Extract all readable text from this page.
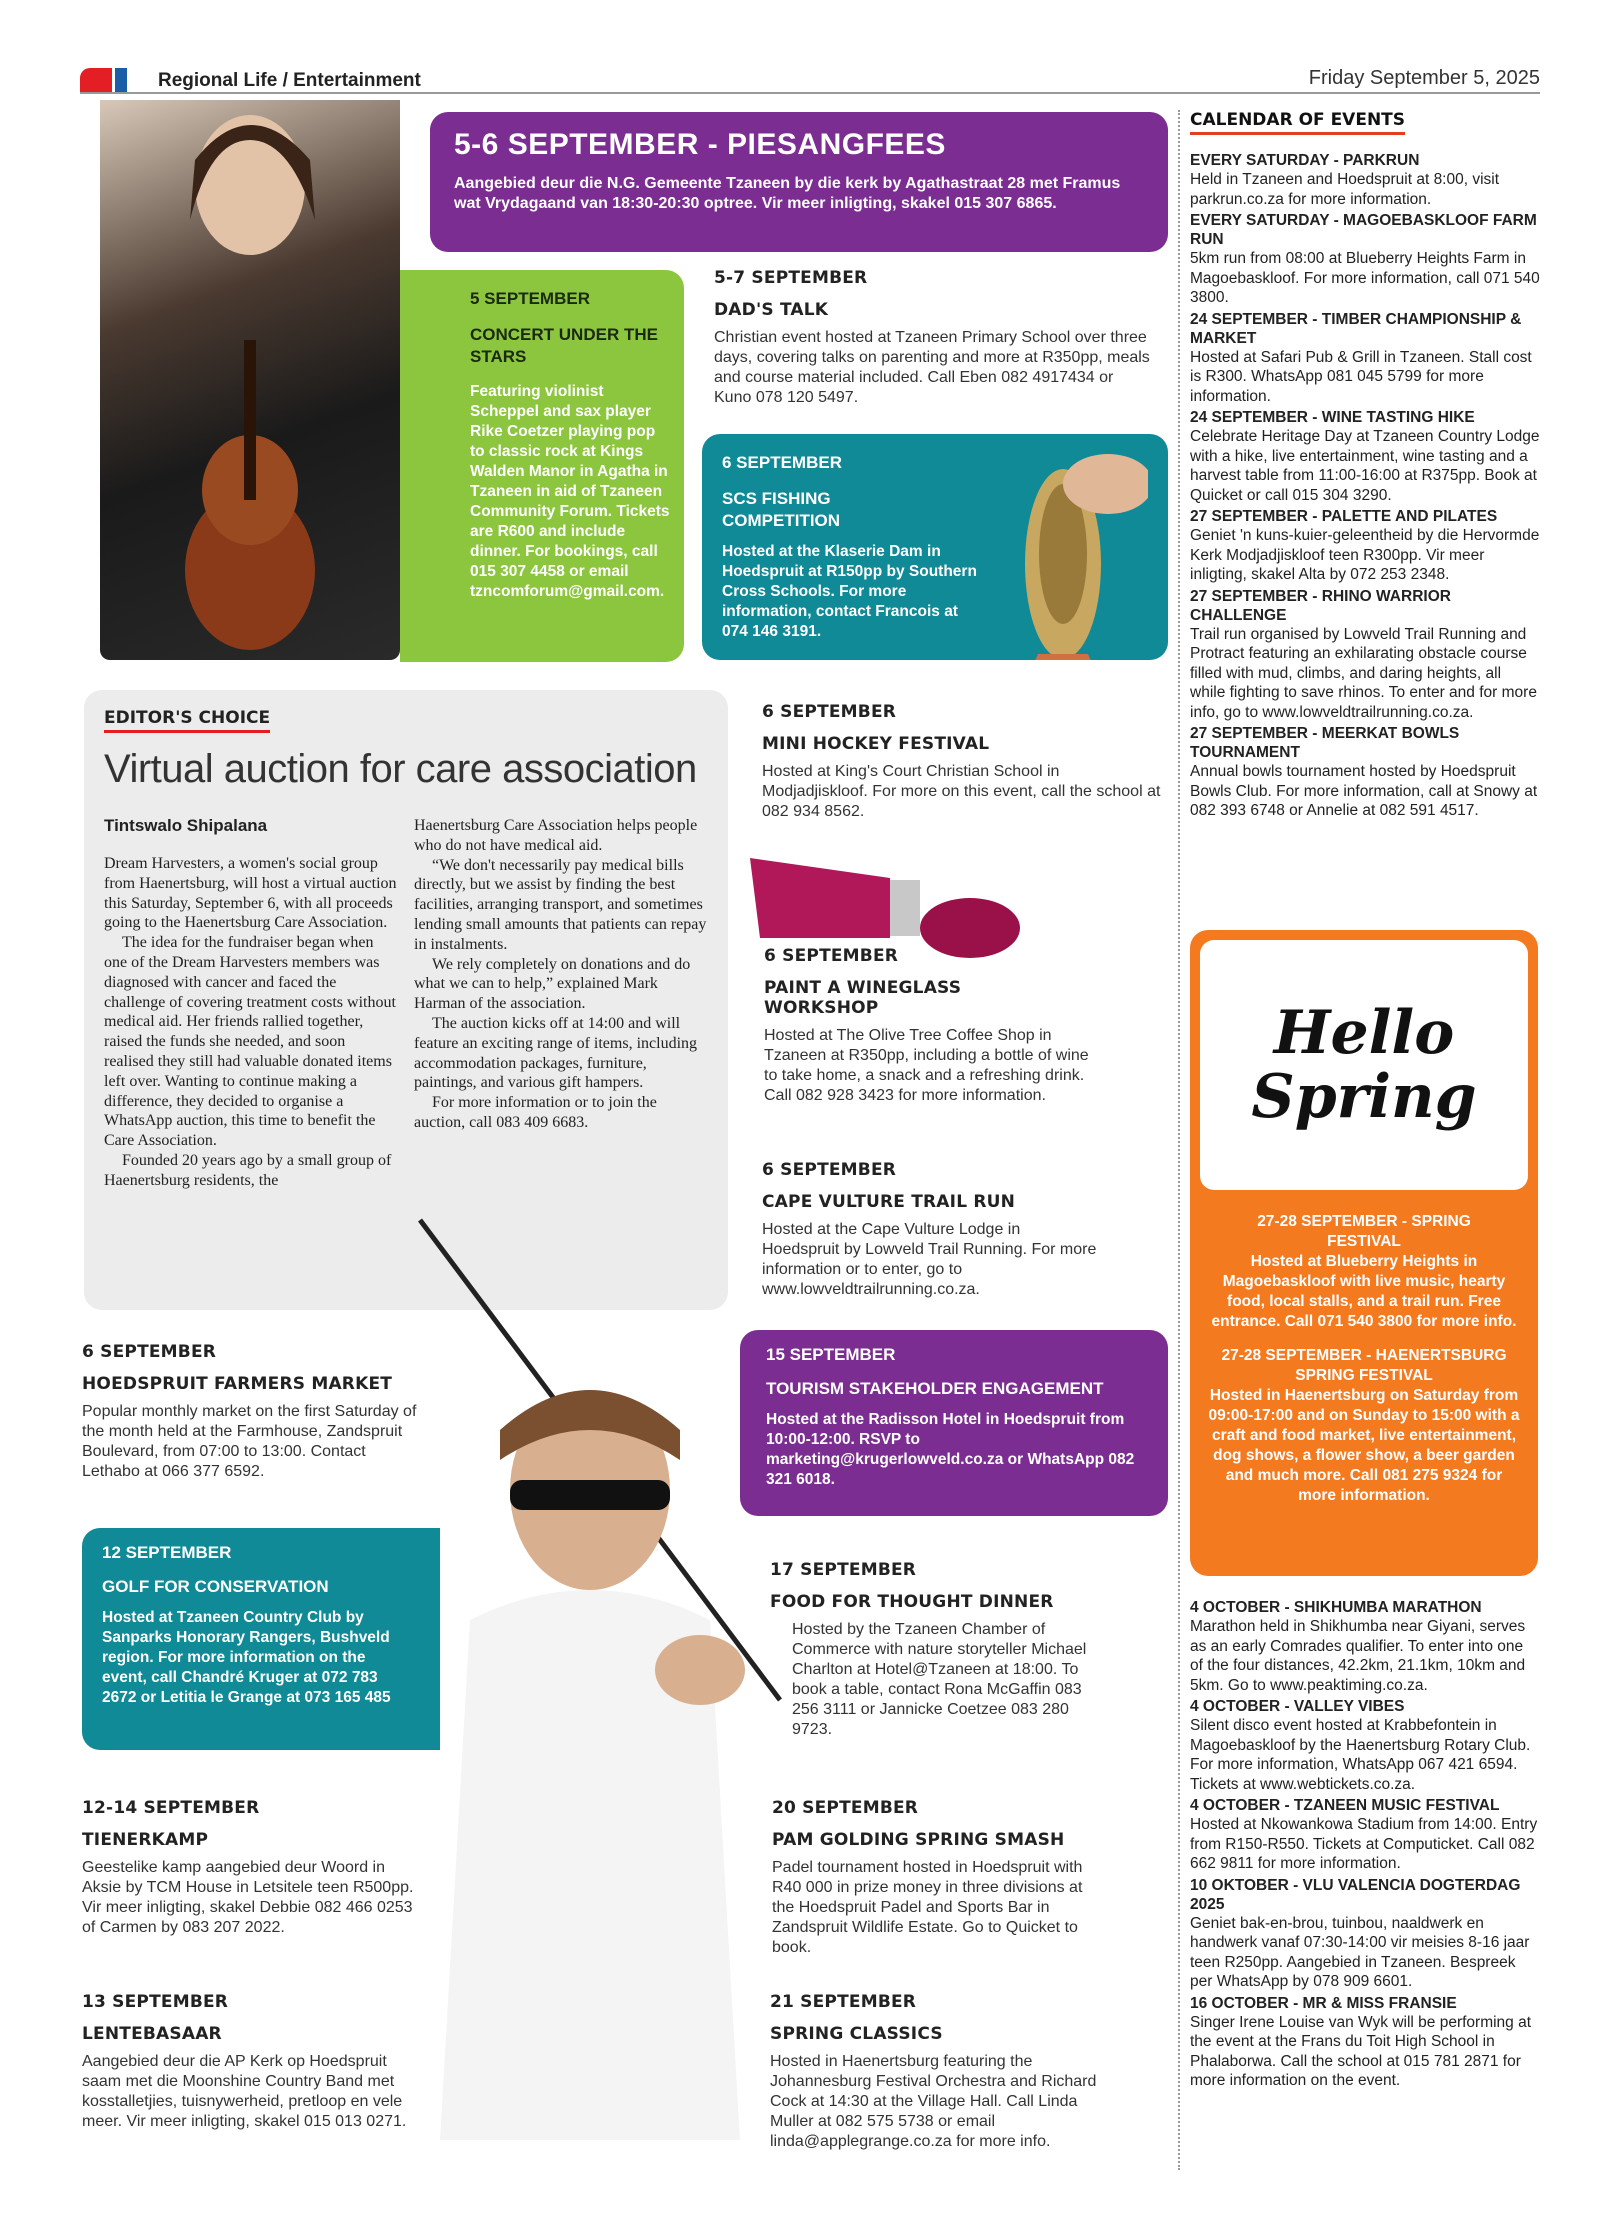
Regional Life / Entertainment	Friday September 5, 2025
5-6 SEPTEMBER - PIESANGFEES
Aangebied deur die N.G. Gemeente Tzaneen by die kerk by Agathastraat 28 met Framus wat Vrydagaand van 18:30-20:30 optree. Vir meer inligting, skakel 015 307 6865.
5 SEPTEMBER
CONCERT UNDER THE STARS
Featuring violinist Scheppel and sax player Rike Coetzer playing pop to classic rock at Kings Walden Manor in Agatha in Tzaneen in aid of Tzaneen Community Forum. Tickets are R600 and include dinner. For bookings, call 015 307 4458 or email tzncomforum@gmail.com.
5-7 SEPTEMBER
DAD'S TALK
Christian event hosted at Tzaneen Primary School over three days, covering talks on parenting and more at R350pp, meals and course material included. Call Eben 082 4917434 or Kuno 078 120 5497.
6 SEPTEMBER
SCS FISHING COMPETITION
Hosted at the Klaserie Dam in Hoedspruit at R150pp by Southern Cross Schools. For more information, contact Francois at 074 146 3191.
EDITOR'S CHOICE
Virtual auction for care association
Tintswalo Shipalana

Dream Harvesters, a women's social group from Haenertsburg, will host a virtual auction this Saturday, September 6, with all proceeds going to the Haenertsburg Care Association.

The idea for the fundraiser began when one of the Dream Harvesters members was diagnosed with cancer and faced the challenge of covering treatment costs without medical aid. Her friends rallied together, raised the funds she needed, and soon realised they still had valuable donated items left over. Wanting to continue making a difference, they decided to organise a WhatsApp auction, this time to benefit the Care Association.

Founded 20 years ago by a small group of Haenertsburg residents, the

Haenertsburg Care Association helps people who do not have medical aid.

“We don't necessarily pay medical bills directly, but we assist by finding the best facilities, arranging transport, and sometimes lending small amounts that patients can repay in instalments.

We rely completely on donations and do what we can to help,” explained Mark Harman of the association.

The auction kicks off at 14:00 and will feature an exciting range of items, including accommodation packages, furniture, paintings, and various gift hampers.

For more information or to join the auction, call 083 409 6683.

6 SEPTEMBER
MINI HOCKEY FESTIVAL
Hosted at King's Court Christian School in Modjadjiskloof. For more on this event, call the school at 082 934 8562.
6 SEPTEMBER
PAINT A WINEGLASS WORKSHOP
Hosted at The Olive Tree Coffee Shop in Tzaneen at R350pp, including a bottle of wine to take home, a snack and a refreshing drink. Call 082 928 3423 for more information.
6 SEPTEMBER
CAPE VULTURE TRAIL RUN
Hosted at the Cape Vulture Lodge in Hoedspruit by Lowveld Trail Running. For more information or to enter, go to www.lowveldtrailrunning.co.za.
6 SEPTEMBER
HOEDSPRUIT FARMERS MARKET
Popular monthly market on the first Saturday of the month held at the Farmhouse, Zandspruit Boulevard, from 07:00 to 13:00. Contact Lethabo at 066 377 6592.
15 SEPTEMBER
TOURISM STAKEHOLDER ENGAGEMENT
Hosted at the Radisson Hotel in Hoedspruit from 10:00-12:00. RSVP to marketing@krugerlowveld.co.za or WhatsApp 082 321 6018.
12 SEPTEMBER
GOLF FOR CONSERVATION
Hosted at Tzaneen Country Club by Sanparks Honorary Rangers, Bushveld region. For more information on the event, call Chandré Kruger at 072 783 2672 or Letitia le Grange at 073 165 485
17 SEPTEMBER
FOOD FOR THOUGHT DINNER
Hosted by the Tzaneen Chamber of Commerce with nature storyteller Michael Charlton at Hotel@Tzaneen at 18:00. To book a table, contact Rona McGaffin 083 256 3111 or Jannicke Coetzee 083 280 9723.
12-14 SEPTEMBER
TIENERKAMP
Geestelike kamp aangebied deur Woord in Aksie by TCM House in Letsitele teen R500pp. Vir meer inligting, skakel Debbie 082 466 0253 of Carmen by 083 207 2022.
20 SEPTEMBER
PAM GOLDING SPRING SMASH
Padel tournament hosted in Hoedspruit with R40 000 in prize money in three divisions at the Hoedspruit Padel and Sports Bar in Zandspruit Wildlife Estate. Go to Quicket to book.
13 SEPTEMBER
LENTEBASAAR
Aangebied deur die AP Kerk op Hoedspruit saam met die Moonshine Country Band met kosstalletjies, tuisnywerheid, pretloop en vele meer. Vir meer inligting, skakel 015 013 0271.
21 SEPTEMBER
SPRING CLASSICS
Hosted in Haenertsburg featuring the Johannesburg Festival Orchestra and Richard Cock at 14:30 at the Village Hall. Call Linda Muller at 082 575 5738 or email linda@applegrange.co.za for more info.
CALENDAR OF EVENTS
EVERY SATURDAY - PARKRUN
Held in Tzaneen and Hoedspruit at 8:00, visit parkrun.co.za for more information.
EVERY SATURDAY - MAGOEBASKLOOF FARM RUN
5km run from 08:00 at Blueberry Heights Farm in Magoebaskloof. For more information, call 071 540 3800.
24 SEPTEMBER - TIMBER CHAMPIONSHIP & MARKET
Hosted at Safari Pub & Grill in Tzaneen. Stall cost is R300. WhatsApp 081 045 5799 for more information.
24 SEPTEMBER - WINE TASTING HIKE
Celebrate Heritage Day at Tzaneen Country Lodge with a hike, live entertainment, wine tasting and a harvest table from 11:00-16:00 at R375pp. Book at Quicket or call 015 304 3290.
27 SEPTEMBER - PALETTE AND PILATES
Geniet 'n kuns-kuier-geleentheid by die Hervormde Kerk Modjadjiskloof teen R300pp. Vir meer inligting, skakel Alta by 072 253 2348.
27 SEPTEMBER - RHINO WARRIOR CHALLENGE
Trail run organised by Lowveld Trail Running and Protract featuring an exhilarating obstacle course filled with mud, climbs, and daring heights, all while fighting to save rhinos. To enter and for more info, go to www.lowveldtrailrunning.co.za.
27 SEPTEMBER - MEERKAT BOWLS TOURNAMENT
Annual bowls tournament hosted by Hoedspruit Bowls Club. For more information, call at Snowy at 082 393 6748 or Annelie at 082 591 4517.
Hello
Spring
27-28 SEPTEMBER - SPRING FESTIVAL
Hosted at Blueberry Heights in Magoebaskloof with live music, hearty food, local stalls, and a trail run. Free entrance. Call 071 540 3800 for more info.
27-28 SEPTEMBER - HAENERTSBURG SPRING FESTIVAL
Hosted in Haenertsburg on Saturday from 09:00-17:00 and on Sunday to 15:00 with a craft and food market, live entertainment, dog shows, a flower show, a beer garden and much more. Call 081 275 9324 for more information.
4 OCTOBER - SHIKHUMBA MARATHON
Marathon held in Shikhumba near Giyani, serves as an early Comrades qualifier. To enter into one of the four distances, 42.2km, 21.1km, 10km and 5km. Go to www.peaktiming.co.za.
4 OCTOBER - VALLEY VIBES
Silent disco event hosted at Krabbefontein in Magoebaskloof by the Haenertsburg Rotary Club. For more information, WhatsApp 067 421 6594. Tickets at www.webtickets.co.za.
4 OCTOBER - TZANEEN MUSIC FESTIVAL
Hosted at Nkowankowa Stadium from 14:00. Entry from R150-R550. Tickets at Computicket. Call 082 662 9811 for more information.
10 OKTOBER - VLU VALENCIA DOGTERDAG 2025
Geniet bak-en-brou, tuinbou, naaldwerk en handwerk vanaf 07:30-14:00 vir meisies 8-16 jaar teen R250pp. Aangebied in Tzaneen. Bespreek per WhatsApp by 078 909 6601.
16 OCTOBER - MR & MISS FRANSIE
Singer Irene Louise van Wyk will be performing at the event at the Frans du Toit High School in Phalaborwa. Call the school at 015 781 2871 for more information on the event.
